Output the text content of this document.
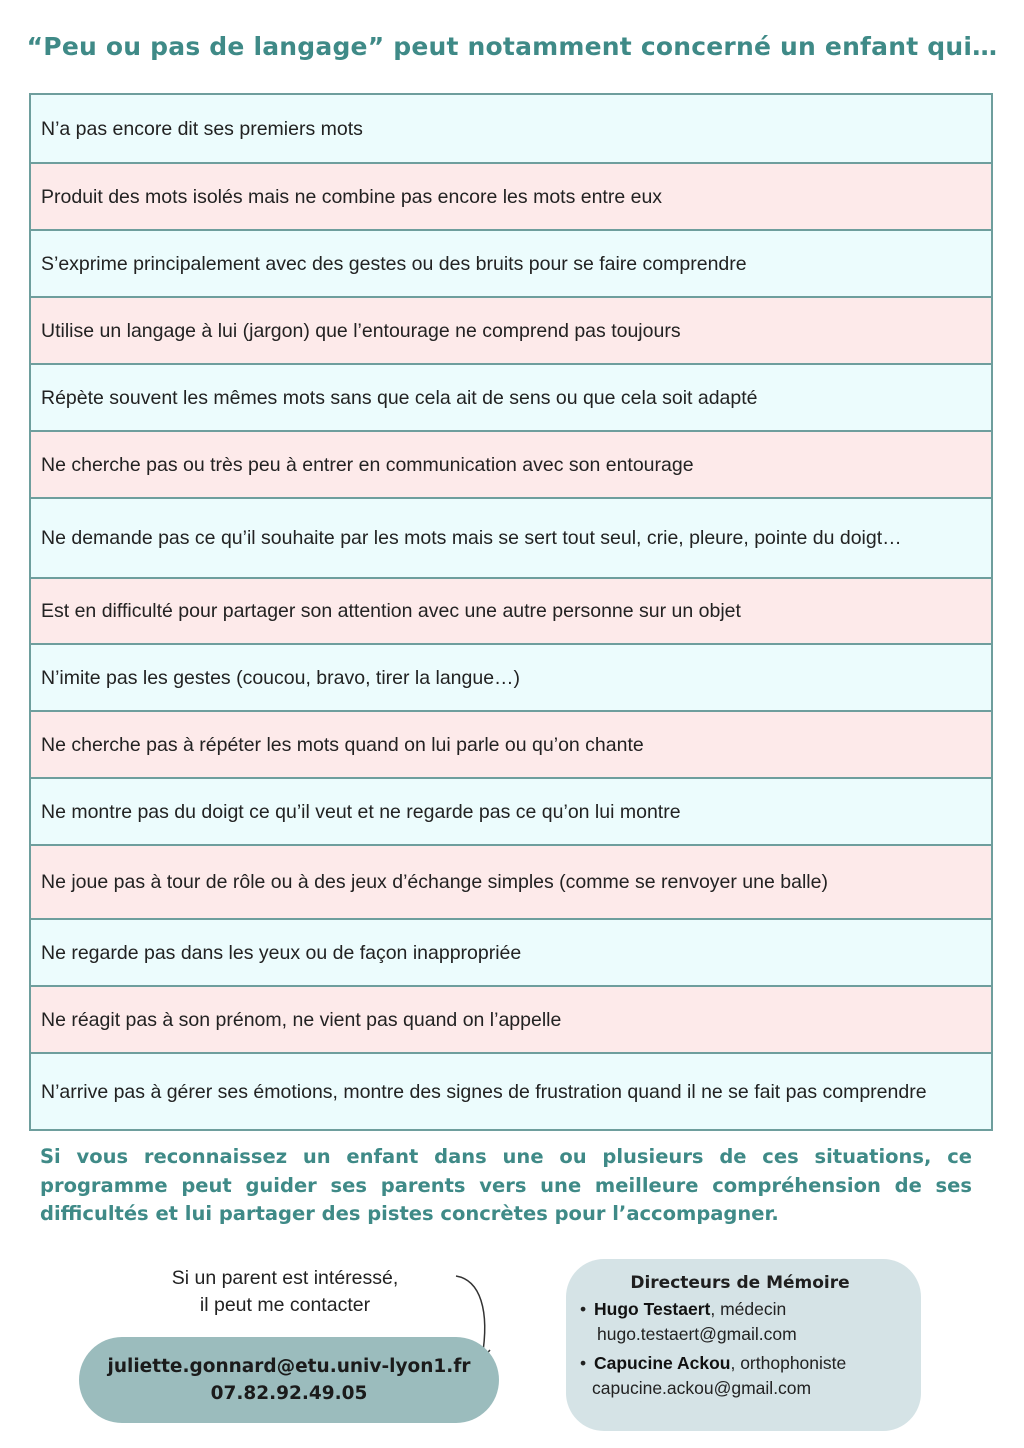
“Peu ou pas de langage” peut notamment concerné un enfant qui…
N’a pas encore dit ses premiers mots
Produit des mots isolés mais ne combine pas encore les mots entre eux
S’exprime principalement avec des gestes ou des bruits pour se faire comprendre
Utilise un langage à lui (jargon) que l’entourage ne comprend pas toujours
Répète souvent les mêmes mots sans que cela ait de sens ou que cela soit adapté
Ne cherche pas ou très peu à entrer en communication avec son entourage
Ne demande pas ce qu’il souhaite par les mots mais se sert tout seul, crie, pleure, pointe du doigt…
Est en difficulté pour partager son attention avec une autre personne sur un objet
N’imite pas les gestes (coucou, bravo, tirer la langue…)
Ne cherche pas à répéter les mots quand on lui parle ou qu’on chante
Ne montre pas du doigt ce qu’il veut et ne regarde pas ce qu’on lui montre
Ne joue pas à tour de rôle ou à des jeux d’échange simples (comme se renvoyer une balle)
Ne regarde pas dans les yeux ou de façon inappropriée
Ne réagit pas à son prénom, ne vient pas quand on l’appelle
N’arrive pas à gérer ses émotions, montre des signes de frustration quand il ne se fait pas comprendre
Si vous reconnaissez un enfant dans une ou plusieurs de ces situations, ce programme peut guider ses parents vers une meilleure compréhension de ses difficultés et lui partager des pistes concrètes pour l’accompagner.
Si un parent est intéressé,
il peut me contacter
juliette.gonnard@etu.univ-lyon1.fr
07.82.92.49.05
Directeurs de Mémoire
• Hugo Testaert, médecin
hugo.testaert@gmail.com
• Capucine Ackou, orthophoniste
capucine.ackou@gmail.com
